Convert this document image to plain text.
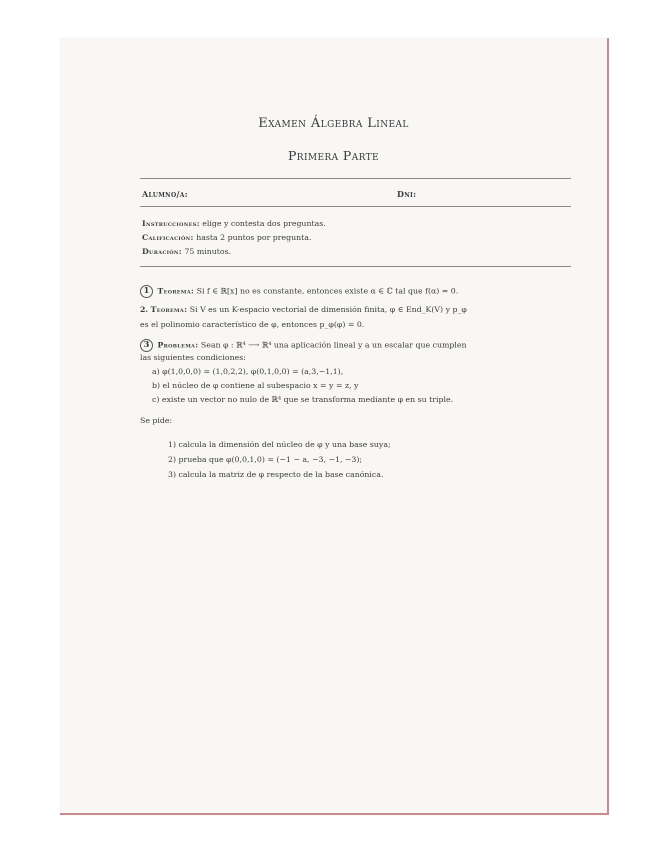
Examen Álgebra Lineal
Primera Parte
Alumno/a:	Dni:
Instrucciones: elige y contesta dos preguntas.
Calificación: hasta 2 puntos por pregunta.
Duración: 75 minutos.
1 Teorema: Si f ∈ ℝ[x] no es constante, entonces existe α ∈ ℂ tal que f(α) = 0.
2. Teorema: Si V es un K-espacio vectorial de dimensión finita, φ ∈ End_K(V) y p_φ
es el polinomio característico de φ, entonces p_φ(φ) = 0.
3 Problema: Sean φ : ℝ⁴ ⟶ ℝ⁴ una aplicación lineal y a un escalar que cumplen
las siguientes condiciones:
a) φ(1,0,0,0) = (1,0,2,2), φ(0,1,0,0) = (a,3,−1,1),
b) el núcleo de φ contiene al subespacio x = y = z, y
c) existe un vector no nulo de ℝ⁴ que se transforma mediante φ en su triple.
Se pide:
1) calcula la dimensión del núcleo de φ y una base suya;
2) prueba que φ(0,0,1,0) = (−1 − a, −3, −1, −3);
3) calcula la matriz de φ respecto de la base canónica.
